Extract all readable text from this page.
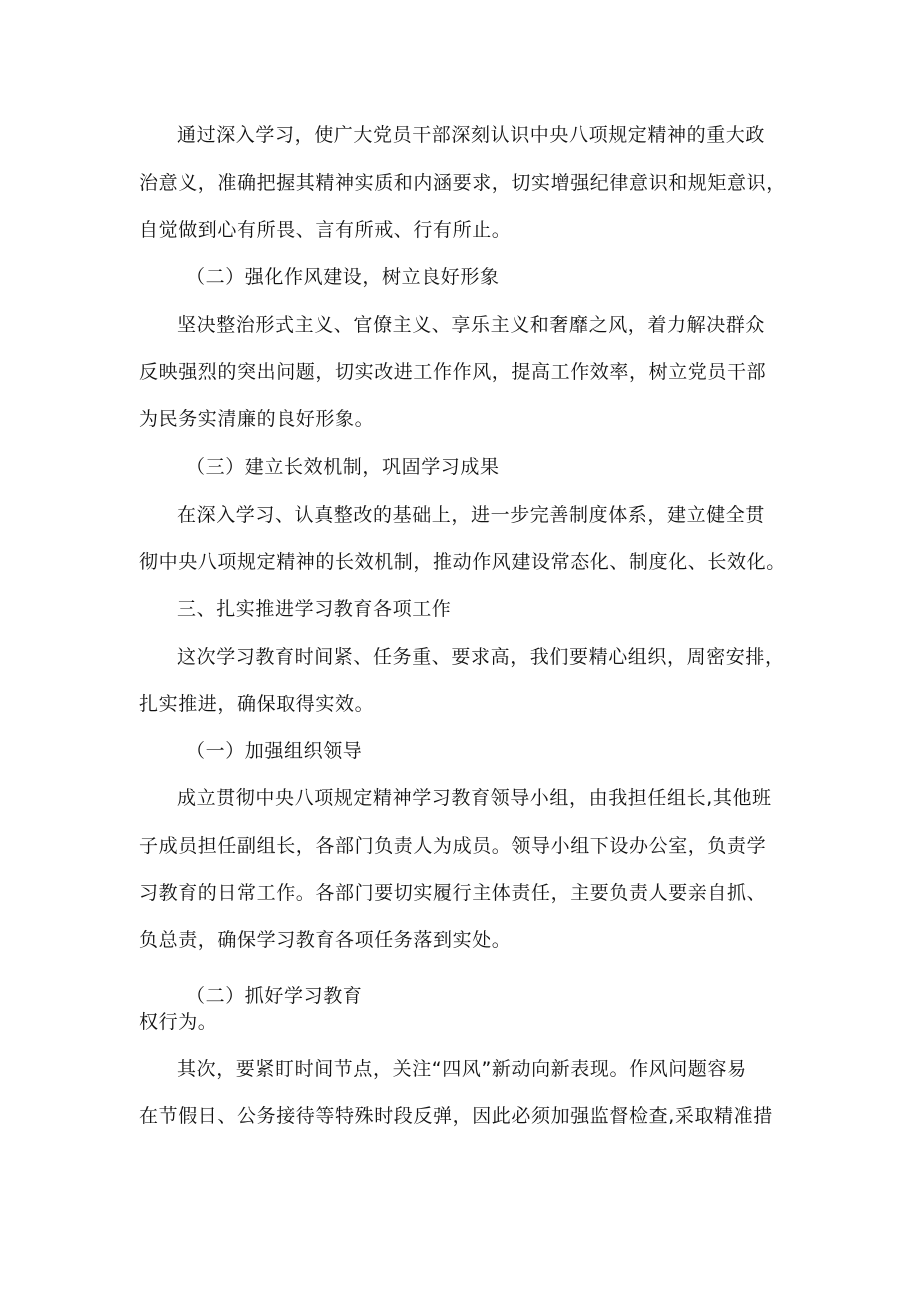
通过深入学习，使广大党员干部深刻认识中央八项规定精神的重大政
治意义，准确把握其精神实质和内涵要求，切实增强纪律意识和规矩意识，
自觉做到心有所畏、言有所戒、行有所止。
（二）强化作风建设，树立良好形象
坚决整治形式主义、官僚主义、享乐主义和奢靡之风，着力解决群众
反映强烈的突出问题，切实改进工作作风，提高工作效率，树立党员干部
为民务实清廉的良好形象。
（三）建立长效机制，巩固学习成果
在深入学习、认真整改的基础上，进一步完善制度体系，建立健全贯
彻中央八项规定精神的长效机制，推动作风建设常态化、制度化、长效化。
三、扎实推进学习教育各项工作
这次学习教育时间紧、任务重、要求高，我们要精心组织，周密安排，
扎实推进，确保取得实效。
（一）加强组织领导
成立贯彻中央八项规定精神学习教育领导小组，由我担任组长,其他班
子成员担任副组长，各部门负责人为成员。领导小组下设办公室，负责学
习教育的日常工作。各部门要切实履行主体责任，主要负责人要亲自抓、
负总责，确保学习教育各项任务落到实处。
（二）抓好学习教育
权行为。
其次，要紧盯时间节点，关注“四风”新动向新表现。作风问题容易
在节假日、公务接待等特殊时段反弹，因此必须加强监督检查,采取精准措
